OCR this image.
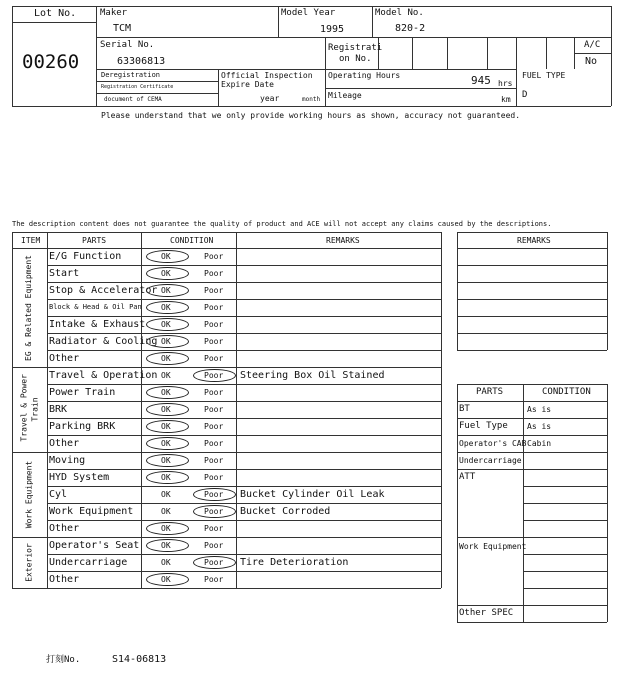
Lot No.
00260
Maker
TCM
Model Year
1995
Model No.
820-2
Serial No.
63306813
Registrati
on No.
A/C
No
Deregistration
Registration Certificate
document of CEMA
Official Inspection
Expire Date
year	month
Operating Hours	945 hrs
Mileage	km
FUEL TYPE
D
Please understand that we only provide working hours as shown, accuracy not guaranteed.
The description content does not guarantee the quality of product and ACE will not accept any claims caused by the descriptions.
ITEM	PARTS	CONDITION	REMARKS
EG & Related Equipment
Travel & Power Train
Work Equipment
Exterior
E/G Function	OK	Poor
Start	OK	Poor
Stop & Accelerator OK	Poor
Block & Head & Oil Pan OK	Poor
Intake & Exhaust OK	Poor
Radiator & Cooling OK	Poor
Other	OK	Poor
Travel & Operation OK	Poor Steering Box Oil Stained
Power Train	OK	Poor
BRK	OK	Poor
Parking BRK	OK	Poor
Other	OK	Poor
Moving	OK	Poor
HYD System	OK	Poor
Cyl	OK	Poor Bucket Cylinder Oil Leak
Work Equipment	OK	Poor Bucket Corroded
Other	OK	Poor
Operator's Seat	OK	Poor
Undercarriage	OK	Poor Tire Deterioration
Other	OK	Poor
REMARKS
PARTS	CONDITION
BT	As is
Fuel Type As is
Operator's CAB Cabin
Undercarriage
ATT
Work Equipment
Other SPEC
打刻No.	S14-06813
